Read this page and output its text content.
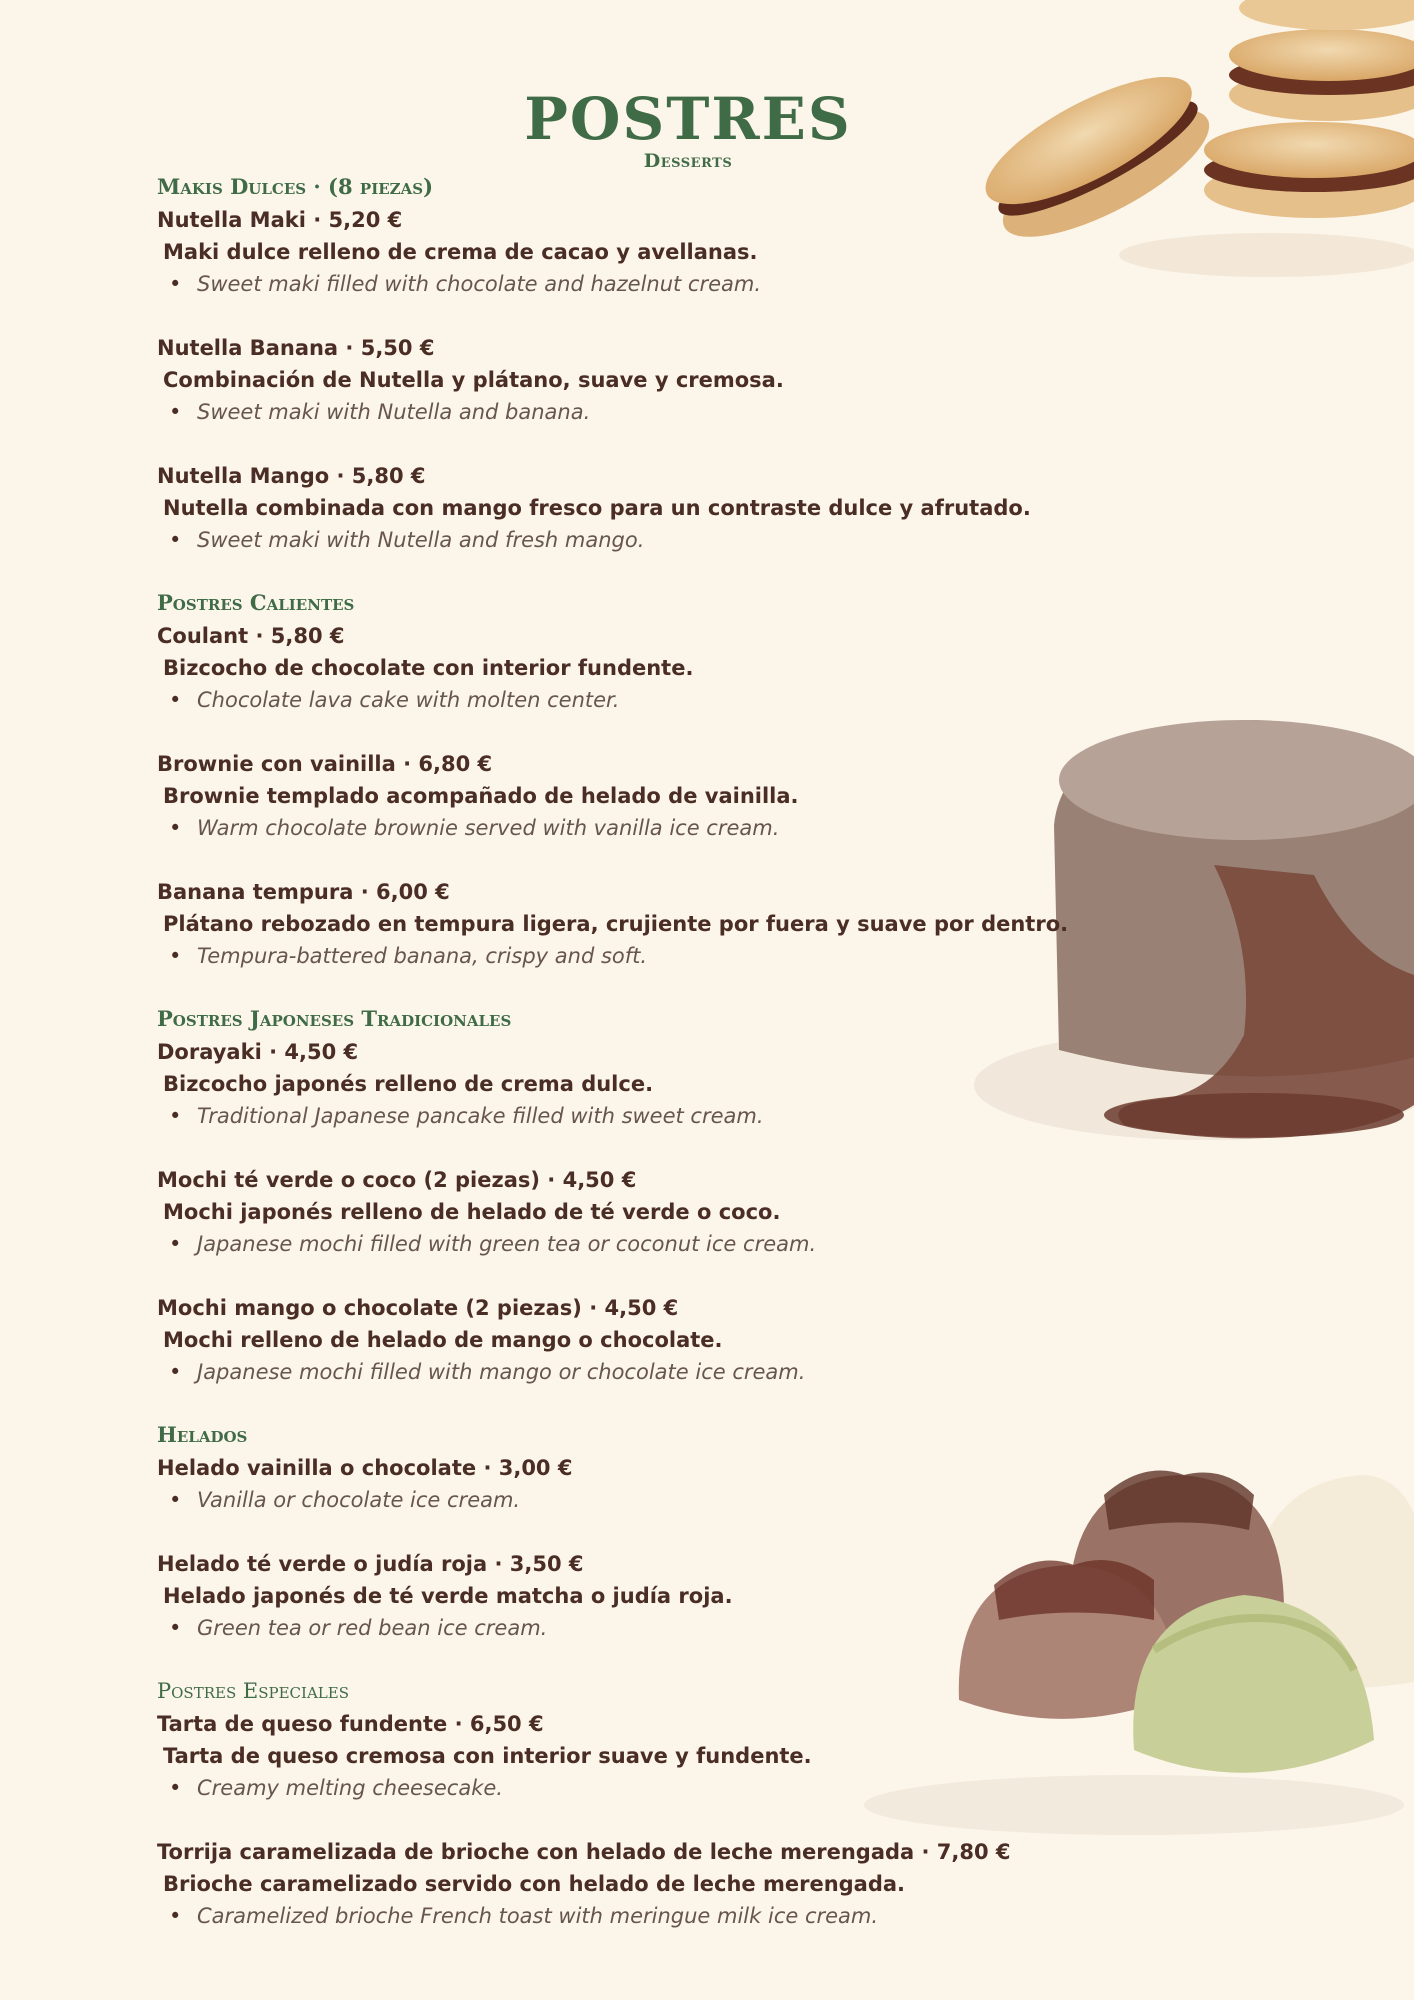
POSTRES
Desserts
Makis Dulces · (8 piezas)
Nutella Maki · 5,20 €
Maki dulce relleno de crema de cacao y avellanas.
• Sweet maki filled with chocolate and hazelnut cream.
Nutella Banana · 5,50 €
Combinación de Nutella y plátano, suave y cremosa.
• Sweet maki with Nutella and banana.
Nutella Mango · 5,80 €
Nutella combinada con mango fresco para un contraste dulce y afrutado.
• Sweet maki with Nutella and fresh mango.
Postres Calientes
Coulant · 5,80 €
Bizcocho de chocolate con interior fundente.
• Chocolate lava cake with molten center.
Brownie con vainilla · 6,80 €
Brownie templado acompañado de helado de vainilla.
• Warm chocolate brownie served with vanilla ice cream.
Banana tempura · 6,00 €
Plátano rebozado en tempura ligera, crujiente por fuera y suave por dentro.
• Tempura-battered banana, crispy and soft.
Postres Japoneses Tradicionales
Dorayaki · 4,50 €
Bizcocho japonés relleno de crema dulce.
• Traditional Japanese pancake filled with sweet cream.
Mochi té verde o coco (2 piezas) · 4,50 €
Mochi japonés relleno de helado de té verde o coco.
• Japanese mochi filled with green tea or coconut ice cream.
Mochi mango o chocolate (2 piezas) · 4,50 €
Mochi relleno de helado de mango o chocolate.
• Japanese mochi filled with mango or chocolate ice cream.
Helados
Helado vainilla o chocolate · 3,00 €
• Vanilla or chocolate ice cream.
Helado té verde o judía roja · 3,50 €
Helado japonés de té verde matcha o judía roja.
• Green tea or red bean ice cream.
Postres Especiales
Tarta de queso fundente · 6,50 €
Tarta de queso cremosa con interior suave y fundente.
• Creamy melting cheesecake.
Torrija caramelizada de brioche con helado de leche merengada · 7,80 €
Brioche caramelizado servido con helado de leche merengada.
• Caramelized brioche French toast with meringue milk ice cream.
